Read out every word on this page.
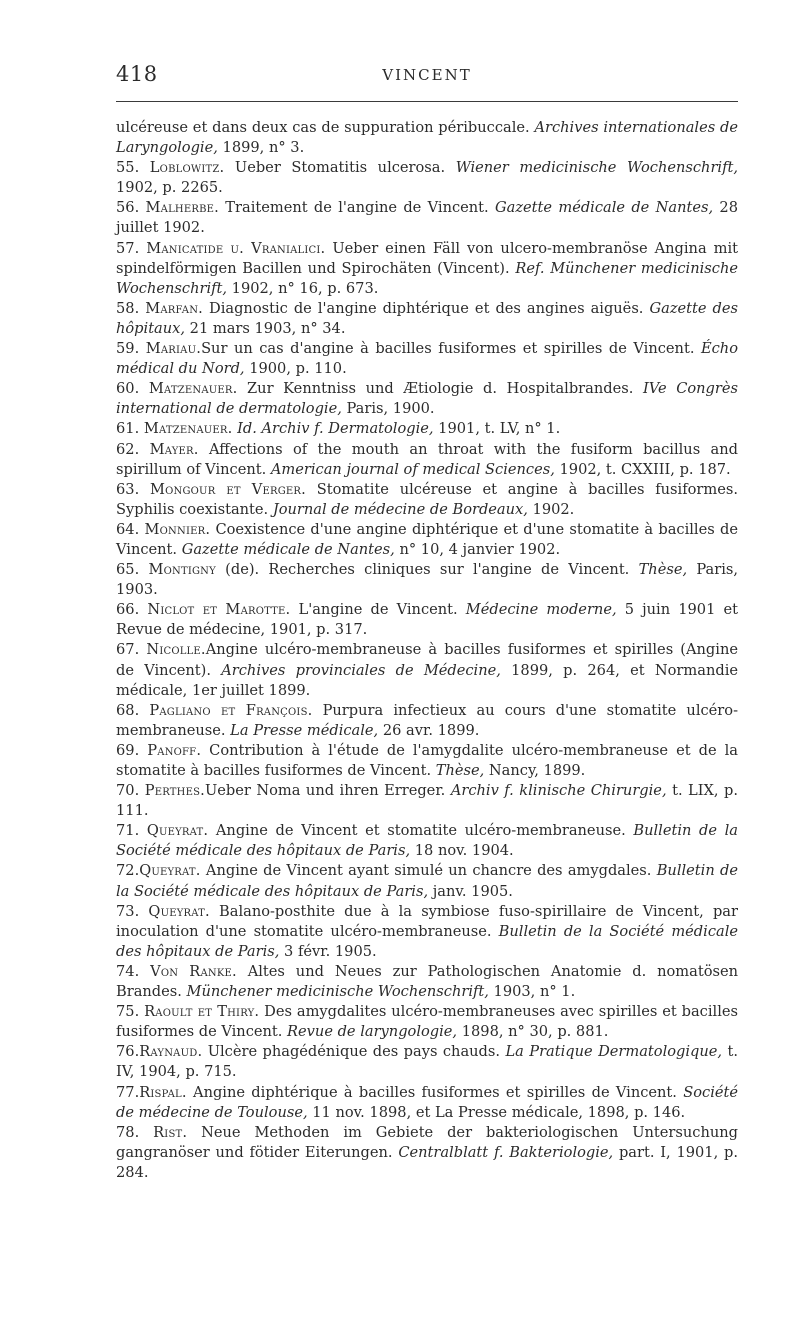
418	VINCENT

ulcéreuse et dans deux cas de suppuration péribuccale. Archives internationales de Laryngologie, 1899, n° 3.

55. Loblowitz. Ueber Stomatitis ulcerosa. Wiener medicinische Wochenschrift, 1902, p. 2265.

56. Malherbe. Traitement de l'angine de Vincent. Gazette médicale de Nantes, 28 juillet 1902.

57. Manicatide u. Vranialici. Ueber einen Fäll von ulcero-membranöse Angina mit spindelförmigen Bacillen und Spirochäten (Vincent). Ref. Münchener medicinische Wochenschrift, 1902, n° 16, p. 673.

58. Marfan. Diagnostic de l'angine diphtérique et des angines aiguës. Gazette des hôpitaux, 21 mars 1903, n° 34.

59. Mariau.Sur un cas d'angine à bacilles fusiformes et spirilles de Vincent. Écho médical du Nord, 1900, p. 110.

60. Matzenauer. Zur Kenntniss und Ætiologie d. Hospitalbrandes. IVe Congrès international de dermatologie, Paris, 1900.

61. Matzenauer. Id. Archiv f. Dermatologie, 1901, t. LV, n° 1.

62. Mayer. Affections of the mouth an throat with the fusiform bacillus and spirillum of Vincent. American journal of medical Sciences, 1902, t. CXXIII, p. 187.

63. Mongour et Verger. Stomatite ulcéreuse et angine à bacilles fusiformes. Syphilis coexistante. Journal de médecine de Bordeaux, 1902.

64. Monnier. Coexistence d'une angine diphtérique et d'une stomatite à bacilles de Vincent. Gazette médicale de Nantes, n° 10, 4 janvier 1902.

65. Montigny (de). Recherches cliniques sur l'angine de Vincent. Thèse, Paris, 1903.

66. Niclot et Marotte. L'angine de Vincent. Médecine moderne, 5 juin 1901 et Revue de médecine, 1901, p. 317.

67. Nicolle.Angine ulcéro-membraneuse à bacilles fusiformes et spirilles (Angine de Vincent). Archives provinciales de Médecine, 1899, p. 264, et Normandie médicale, 1er juillet 1899.

68. Pagliano et François. Purpura infectieux au cours d'une stomatite ulcéro-membraneuse. La Presse médicale, 26 avr. 1899.

69. Panoff. Contribution à l'étude de l'amygdalite ulcéro-membraneuse et de la stomatite à bacilles fusiformes de Vincent. Thèse, Nancy, 1899.

70. Perthes.Ueber Noma und ihren Erreger. Archiv f. klinische Chirurgie, t. LIX, p. 111.

71. Queyrat. Angine de Vincent et stomatite ulcéro-membraneuse. Bulletin de la Société médicale des hôpitaux de Paris, 18 nov. 1904.

72.Queyrat. Angine de Vincent ayant simulé un chancre des amygdales. Bulletin de la Société médicale des hôpitaux de Paris, janv. 1905.

73. Queyrat. Balano-posthite due à la symbiose fuso-spirillaire de Vincent, par inoculation d'une stomatite ulcéro-membraneuse. Bulletin de la Société médicale des hôpitaux de Paris, 3 févr. 1905.

74. Von Ranke. Altes und Neues zur Pathologischen Anatomie d. nomatösen Brandes. Münchener medicinische Wochenschrift, 1903, n° 1.

75. Raoult et Thiry. Des amygdalites ulcéro-membraneuses avec spirilles et bacilles fusiformes de Vincent. Revue de laryngologie, 1898, n° 30, p. 881.

76.Raynaud. Ulcère phagédénique des pays chauds. La Pratique Dermatologique, t. IV, 1904, p. 715.

77.Rispal. Angine diphtérique à bacilles fusiformes et spirilles de Vincent. Société de médecine de Toulouse, 11 nov. 1898, et La Presse médicale, 1898, p. 146.

78. Rist. Neue Methoden im Gebiete der bakteriologischen Untersuchung gangranöser und fötider Eiterungen. Centralblatt f. Bakteriologie, part. I, 1901, p. 284.
